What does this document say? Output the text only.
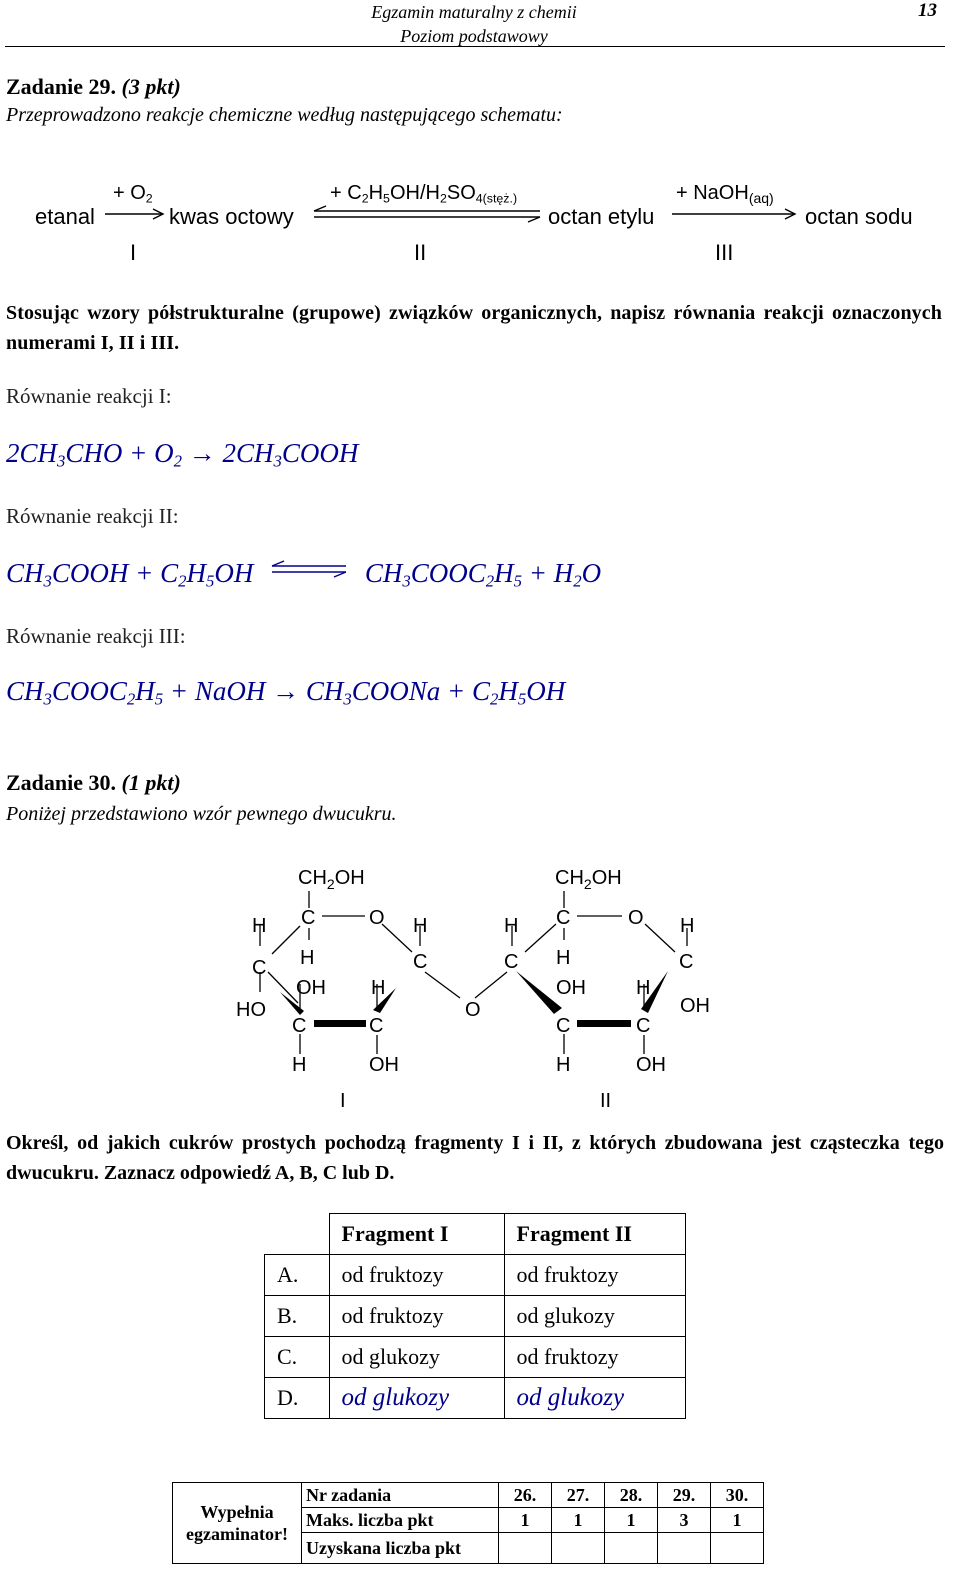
Egzamin maturalny z chemii
Poziom podstawowy
13
Zadanie 29. (3 pkt)
Przeprowadzono reakcje chemiczne według następującego schematu:
etanal
+ $O_2$
kwas octowy
+ $C_2H_5OH/H_2SO_{4(stęż.)}$
octan etylu
+ NaOH$_{(aq)}$
octan sodu
I	II	III
Stosując wzory półstrukturalne (grupowe) związków organicznych, napisz równania reakcji oznaczonych numerami I, II i III.
Równanie reakcji I:
$2CH_3CHO + O_2$ → $2CH_3COOH$
Równanie reakcji II:
$CH_3COOH + C_2H_5OH$	$CH_3COOC_2H_5 + H_2O$
Równanie reakcji III:
$CH_3COOC_2H_5$ + NaOH → $CH_3COONa + C_2H_5OH$
Zadanie 30. (1 pkt)
Poniżej przedstawiono wzór pewnego dwucukru.
$CH_2OH$
C	O
H	H
H
C	C
OH H
HO	O
C	C
H	OH
$CH_2OH$
C	O
H	H
C H	C
OH	H
OH
C	C
H	OH
I	II
Określ, od jakich cukrów prostych pochodzą fragmenty I i II, z których zbudowana jest cząsteczka tego dwucukru. Zaznacz odpowiedź A, B, C lub D.
	Fragment I	Fragment II
A.	od fruktozy	od fruktozy
B.	od fruktozy	od glukozy
C.	od glukozy	od fruktozy
D.	od glukozy	od glukozy
Wypełnia
egzaminator!	Nr zadania	26.	27.	28.	29.	30.
	Maks. liczba pkt	1	1	1	3	1
	Uzyskana liczba pkt					
